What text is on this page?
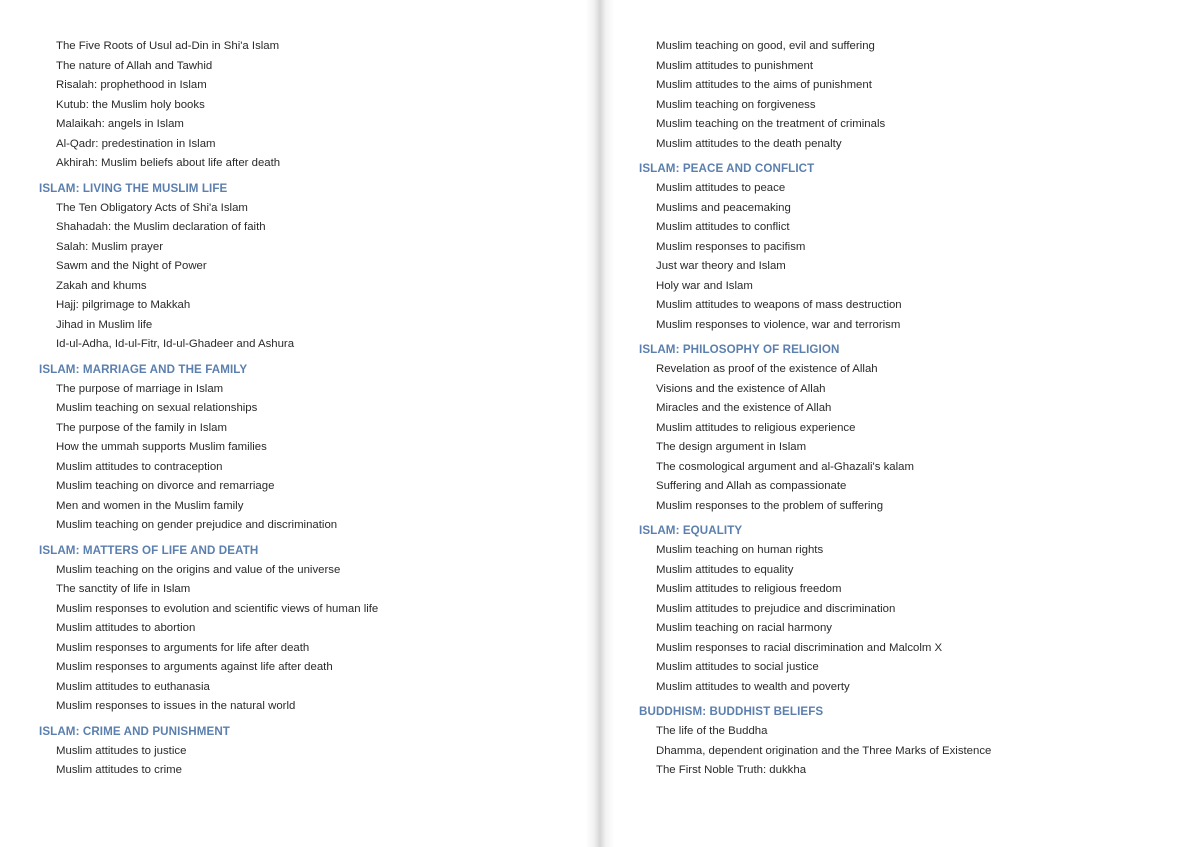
The Five Roots of Usul ad-Din in Shi'a Islam
The nature of Allah and Tawhid
Risalah: prophethood in Islam
Kutub: the Muslim holy books
Malaikah: angels in Islam
Al-Qadr: predestination in Islam
Akhirah: Muslim beliefs about life after death
ISLAM: LIVING THE MUSLIM LIFE
The Ten Obligatory Acts of Shi'a Islam
Shahadah: the Muslim declaration of faith
Salah: Muslim prayer
Sawm and the Night of Power
Zakah and khums
Hajj: pilgrimage to Makkah
Jihad in Muslim life
Id-ul-Adha, Id-ul-Fitr, Id-ul-Ghadeer and Ashura
ISLAM: MARRIAGE AND THE FAMILY
The purpose of marriage in Islam
Muslim teaching on sexual relationships
The purpose of the family in Islam
How the ummah supports Muslim families
Muslim attitudes to contraception
Muslim teaching on divorce and remarriage
Men and women in the Muslim family
Muslim teaching on gender prejudice and discrimination
ISLAM: MATTERS OF LIFE AND DEATH
Muslim teaching on the origins and value of the universe
The sanctity of life in Islam
Muslim responses to evolution and scientific views of human life
Muslim attitudes to abortion
Muslim responses to arguments for life after death
Muslim responses to arguments against life after death
Muslim attitudes to euthanasia
Muslim responses to issues in the natural world
ISLAM: CRIME AND PUNISHMENT
Muslim attitudes to justice
Muslim attitudes to crime
Muslim teaching on good, evil and suffering
Muslim attitudes to punishment
Muslim attitudes to the aims of punishment
Muslim teaching on forgiveness
Muslim teaching on the treatment of criminals
Muslim attitudes to the death penalty
ISLAM: PEACE AND CONFLICT
Muslim attitudes to peace
Muslims and peacemaking
Muslim attitudes to conflict
Muslim responses to pacifism
Just war theory and Islam
Holy war and Islam
Muslim attitudes to weapons of mass destruction
Muslim responses to violence, war and terrorism
ISLAM: PHILOSOPHY OF RELIGION
Revelation as proof of the existence of Allah
Visions and the existence of Allah
Miracles and the existence of Allah
Muslim attitudes to religious experience
The design argument in Islam
The cosmological argument and al-Ghazali's kalam
Suffering and Allah as compassionate
Muslim responses to the problem of suffering
ISLAM: EQUALITY
Muslim teaching on human rights
Muslim attitudes to equality
Muslim attitudes to religious freedom
Muslim attitudes to prejudice and discrimination
Muslim teaching on racial harmony
Muslim responses to racial discrimination and Malcolm X
Muslim attitudes to social justice
Muslim attitudes to wealth and poverty
BUDDHISM: BUDDHIST BELIEFS
The life of the Buddha
Dhamma, dependent origination and the Three Marks of Existence
The First Noble Truth: dukkha
